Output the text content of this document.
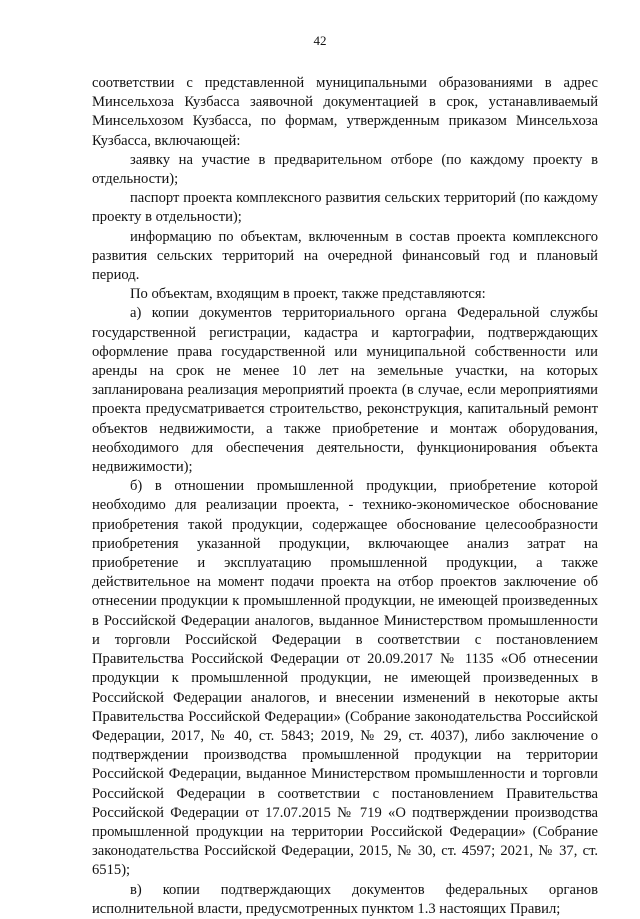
42

соответствии с представленной муниципальными образованиями в адрес Минсельхоза Кузбасса заявочной документацией в срок, устанавливаемый Минсельхозом Кузбасса, по формам, утвержденным приказом Минсельхоза Кузбасса, включающей:

заявку на участие в предварительном отборе (по каждому проекту в отдельности);

паспорт проекта комплексного развития сельских территорий (по каждому проекту в отдельности);

информацию по объектам, включенным в состав проекта комплексного развития сельских территорий на очередной финансовый год и плановый период.

По объектам, входящим в проект, также представляются:

а) копии документов территориального органа Федеральной службы государственной регистрации, кадастра и картографии, подтверждающих оформление права государственной или муниципальной собственности или аренды на срок не менее 10 лет на земельные участки, на которых запланирована реализация мероприятий проекта (в случае, если мероприятиями проекта предусматривается строительство, реконструкция, капитальный ремонт объектов недвижимости, а также приобретение и монтаж оборудования, необходимого для обеспечения деятельности, функционирования объекта недвижимости);

б) в отношении промышленной продукции, приобретение которой необходимо для реализации проекта, - технико-экономическое обоснование приобретения такой продукции, содержащее обоснование целесообразности приобретения указанной продукции, включающее анализ затрат на приобретение и эксплуатацию промышленной продукции, а также действительное на момент подачи проекта на отбор проектов заключение об отнесении продукции к промышленной продукции, не имеющей произведенных в Российской Федерации аналогов, выданное Министерством промышленности и торговли Российской Федерации в соответствии с постановлением Правительства Российской Федерации от 20.09.2017 № 1135 «Об отнесении продукции к промышленной продукции, не имеющей произведенных в Российской Федерации аналогов, и внесении изменений в некоторые акты Правительства Российской Федерации» (Собрание законодательства Российской Федерации, 2017, № 40, ст. 5843; 2019, № 29, ст. 4037), либо заключение о подтверждении производства промышленной продукции на территории Российской Федерации, выданное Министерством промышленности и торговли Российской Федерации в соответствии с постановлением Правительства Российской Федерации от 17.07.2015 № 719 «О подтверждении производства промышленной продукции на территории Российской Федерации» (Собрание законодательства Российской Федерации, 2015, № 30, ст. 4597; 2021, № 37, ст. 6515);

в) копии подтверждающих документов федеральных органов исполнительной власти, предусмотренных пунктом 1.3 настоящих Правил;
